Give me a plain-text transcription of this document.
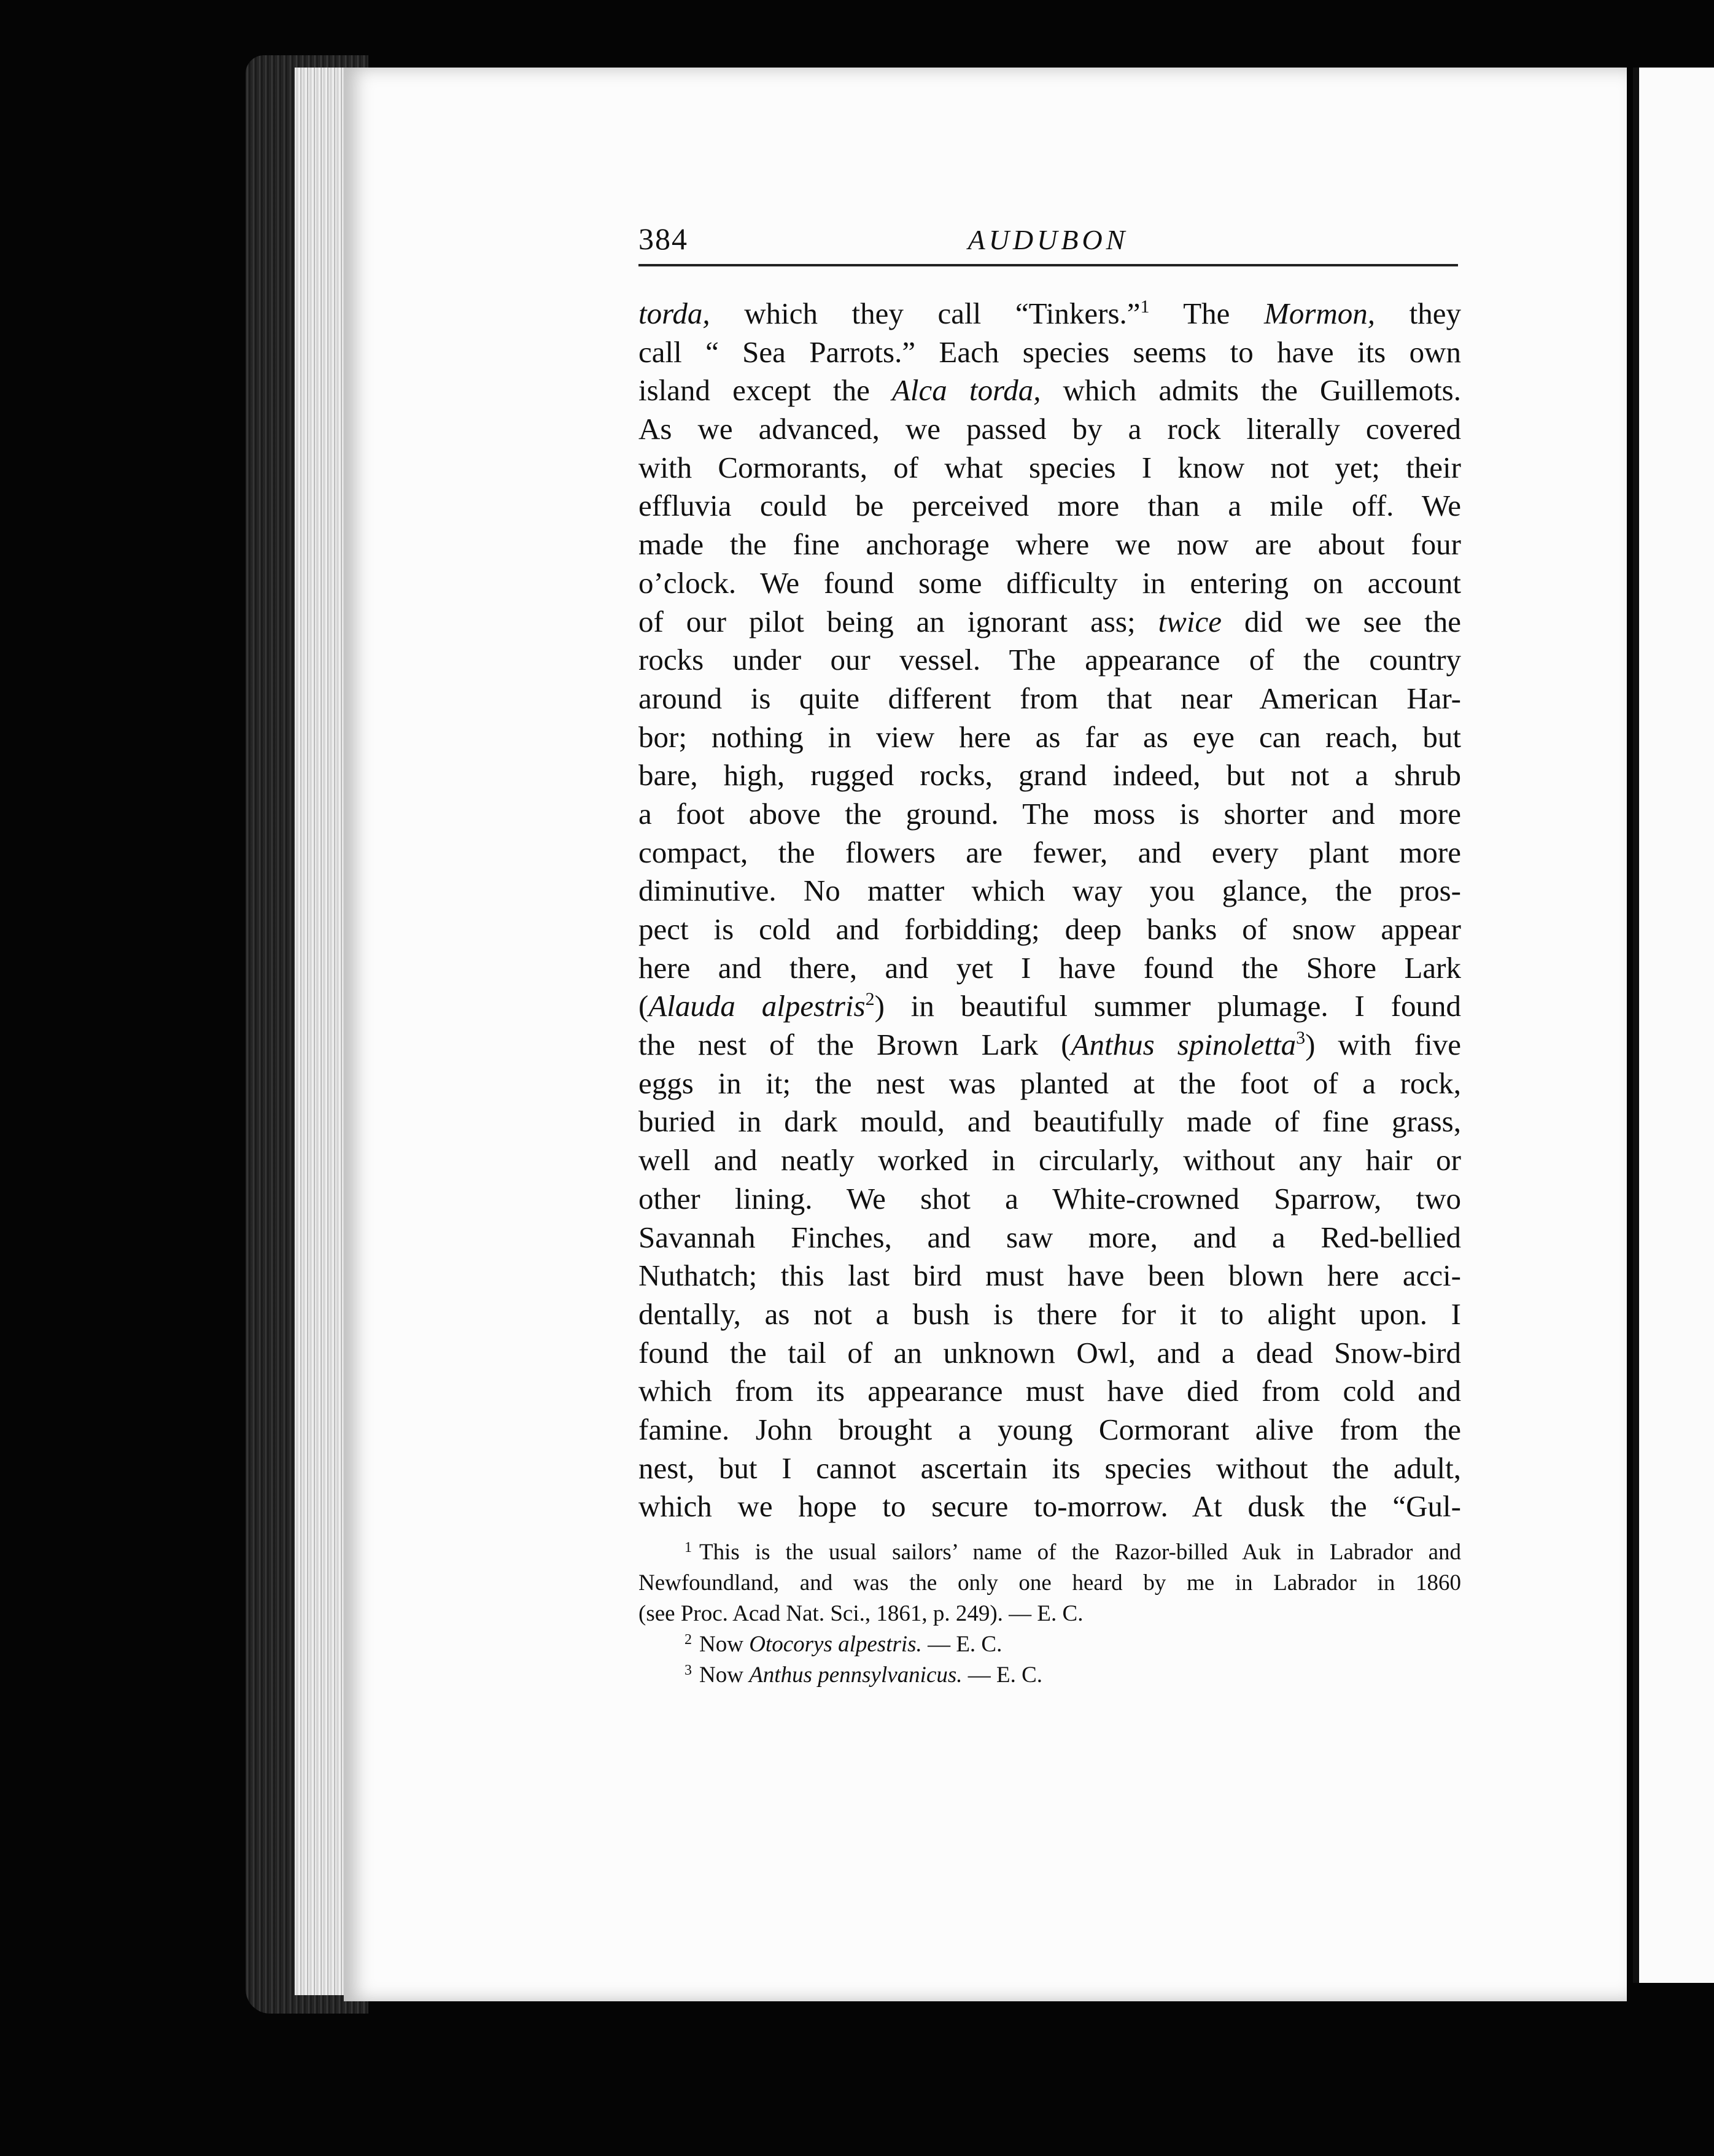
384	AUDUBON
torda, which they call “Tinkers.”$^1$ The Mormon, they
call “ Sea Parrots.” Each species seems to have its own
island except the Alca torda, which admits the Guillemots.
As we advanced, we passed by a rock literally covered
with Cormorants, of what species I know not yet; their
effluvia could be perceived more than a mile off. We
made the fine anchorage where we now are about four
o’clock. We found some difficulty in entering on account
of our pilot being an ignorant ass; twice did we see the
rocks under our vessel. The appearance of the country
around is quite different from that near American Har-
bor; nothing in view here as far as eye can reach, but
bare, high, rugged rocks, grand indeed, but not a shrub
a foot above the ground. The moss is shorter and more
compact, the flowers are fewer, and every plant more
diminutive. No matter which way you glance, the pros-
pect is cold and forbidding; deep banks of snow appear
here and there, and yet I have found the Shore Lark
(Alauda alpestris$^2$) in beautiful summer plumage. I found
the nest of the Brown Lark (Anthus spinoletta$^3$) with five
eggs in it; the nest was planted at the foot of a rock,
buried in dark mould, and beautifully made of fine grass,
well and neatly worked in circularly, without any hair or
other lining. We shot a White-crowned Sparrow, two
Savannah Finches, and saw more, and a Red-bellied
Nuthatch; this last bird must have been blown here acci-
dentally, as not a bush is there for it to alight upon. I
found the tail of an unknown Owl, and a dead Snow-bird
which from its appearance must have died from cold and
famine. John brought a young Cormorant alive from the
nest, but I cannot ascertain its species without the adult,
which we hope to secure to-morrow. At dusk the “Gul-
$^1$ This is the usual sailors’ name of the Razor-billed Auk in Labrador and
Newfoundland, and was the only one heard by me in Labrador in 1860
(see Proc. Acad Nat. Sci., 1861, p. 249). — E. C.
$^2$ Now Otocorys alpestris. — E. C.
$^3$ Now Anthus pennsylvanicus. — E. C.
